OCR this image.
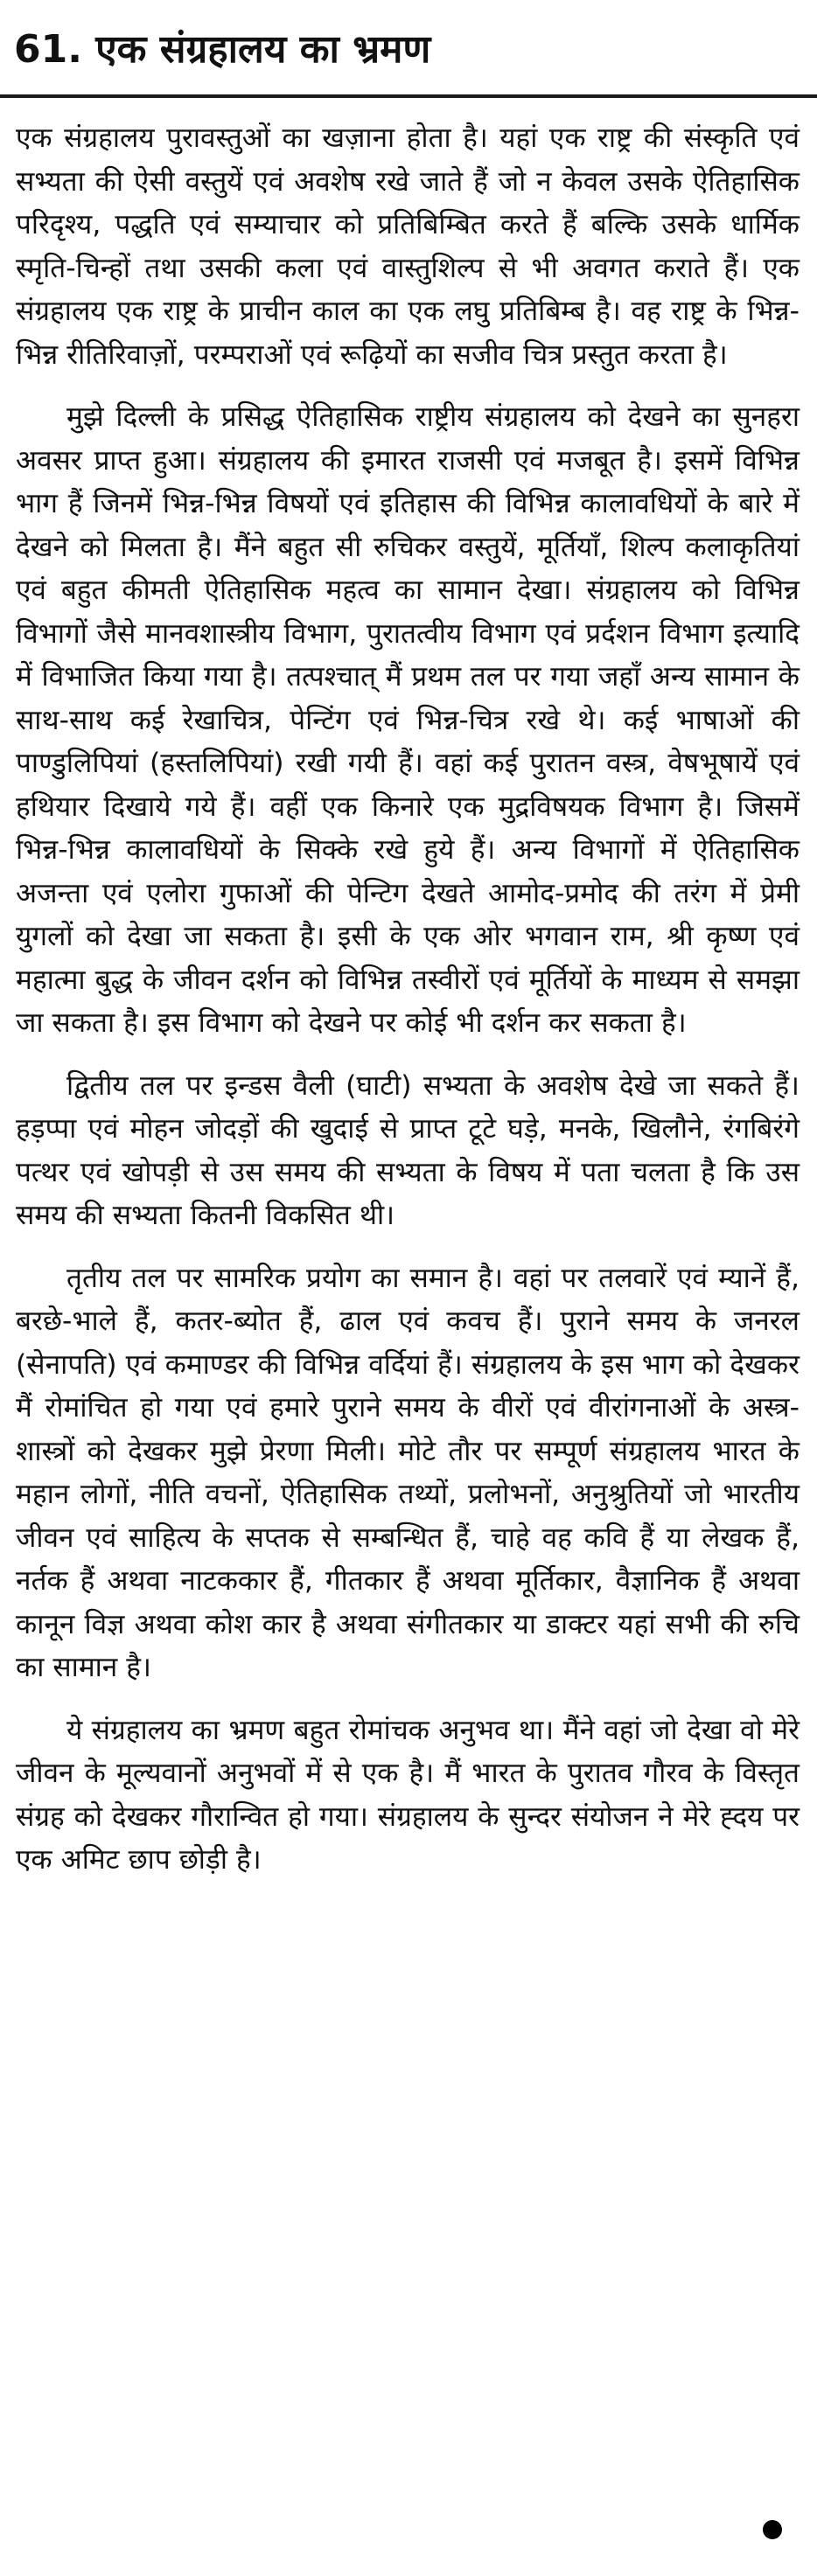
61. एक संग्रहालय का भ्रमण

एक संग्रहालय पुरावस्तुओं का खज़ाना होता है। यहां एक राष्ट्र की संस्कृति एवं सभ्यता की ऐसी वस्तुयें एवं अवशेष रखे जाते हैं जो न केवल उसके ऐतिहासिक परिदृश्य, पद्धति एवं सम्याचार को प्रतिबिम्बित करते हैं बल्कि उसके धार्मिक स्मृति-चिन्हों तथा उसकी कला एवं वास्तुशिल्प से भी अवगत कराते हैं। एक संग्रहालय एक राष्ट्र के प्राचीन काल का एक लघु प्रतिबिम्ब है। वह राष्ट्र के भिन्न-भिन्न रीतिरिवाज़ों, परम्पराओं एवं रूढ़ियों का सजीव चित्र प्रस्तुत करता है।

मुझे दिल्ली के प्रसिद्ध ऐतिहासिक राष्ट्रीय संग्रहालय को देखने का सुनहरा अवसर प्राप्त हुआ। संग्रहालय की इमारत राजसी एवं मजबूत है। इसमें विभिन्न भाग हैं जिनमें भिन्न-भिन्न विषयों एवं इतिहास की विभिन्न कालावधियों के बारे में देखने को मिलता है। मैंने बहुत सी रुचिकर वस्तुयें, मूर्तियाँ, शिल्प कलाकृतियां एवं बहुत कीमती ऐतिहासिक महत्व का सामान देखा। संग्रहालय को विभिन्न विभागों जैसे मानवशास्त्रीय विभाग, पुरातत्वीय विभाग एवं प्रर्दशन विभाग इत्यादि में विभाजित किया गया है। तत्पश्चात् मैं प्रथम तल पर गया जहाँ अन्य सामान के साथ-साथ कई रेखाचित्र, पेन्टिंग एवं भिन्न-चित्र रखे थे। कई भाषाओं की पाण्डुलिपियां (हस्तलिपियां) रखी गयी हैं। वहां कई पुरातन वस्त्र, वेषभूषायें एवं हथियार दिखाये गये हैं। वहीं एक किनारे एक मुद्रविषयक विभाग है। जिसमें भिन्न-भिन्न कालावधियों के सिक्के रखे हुये हैं। अन्य विभागों में ऐतिहासिक अजन्ता एवं एलोरा गुफाओं की पेन्टिग देखते आमोद-प्रमोद की तरंग में प्रेमी युगलों को देखा जा सकता है। इसी के एक ओर भगवान राम, श्री कृष्ण एवं महात्मा बुद्ध के जीवन दर्शन को विभिन्न तस्वीरों एवं मूर्तियों के माध्यम से समझा जा सकता है। इस विभाग को देखने पर कोई भी दर्शन कर सकता है।

द्वितीय तल पर इन्डस वैली (घाटी) सभ्यता के अवशेष देखे जा सकते हैं। हड़प्पा एवं मोहन जोदड़ों की खुदाई से प्राप्त टूटे घड़े, मनके, खिलौने, रंगबिरंगे पत्थर एवं खोपड़ी से उस समय की सभ्यता के विषय में पता चलता है कि उस समय की सभ्यता कितनी विकसित थी।

तृतीय तल पर सामरिक प्रयोग का समान है। वहां पर तलवारें एवं म्यानें हैं, बरछे-भाले हैं, कतर-ब्योत हैं, ढाल एवं कवच हैं। पुराने समय के जनरल (सेनापति) एवं कमाण्डर की विभिन्न वर्दियां हैं। संग्रहालय के इस भाग को देखकर मैं रोमांचित हो गया एवं हमारे पुराने समय के वीरों एवं वीरांगनाओं के अस्त्र-शास्त्रों को देखकर मुझे प्रेरणा मिली। मोटे तौर पर सम्पूर्ण संग्रहालय भारत के महान लोगों, नीति वचनों, ऐतिहासिक तथ्यों, प्रलोभनों, अनुश्रुतियों जो भारतीय जीवन एवं साहित्य के सप्तक से सम्बन्धित हैं, चाहे वह कवि हैं या लेखक हैं, नर्तक हैं अथवा नाटककार हैं, गीतकार हैं अथवा मूर्तिकार, वैज्ञानिक हैं अथवा कानून विज्ञ अथवा कोश कार है अथवा संगीतकार या डाक्टर यहां सभी की रुचि का सामान है।

ये संग्रहालय का भ्रमण बहुत रोमांचक अनुभव था। मैंने वहां जो देखा वो मेरे जीवन के मूल्यवानों अनुभवों में से एक है। मैं भारत के पुरातव गौरव के विस्तृत संग्रह को देखकर गौरान्वित हो गया। संग्रहालय के सुन्दर संयोजन ने मेरे ह्दय पर एक अमिट छाप छोड़ी है।
